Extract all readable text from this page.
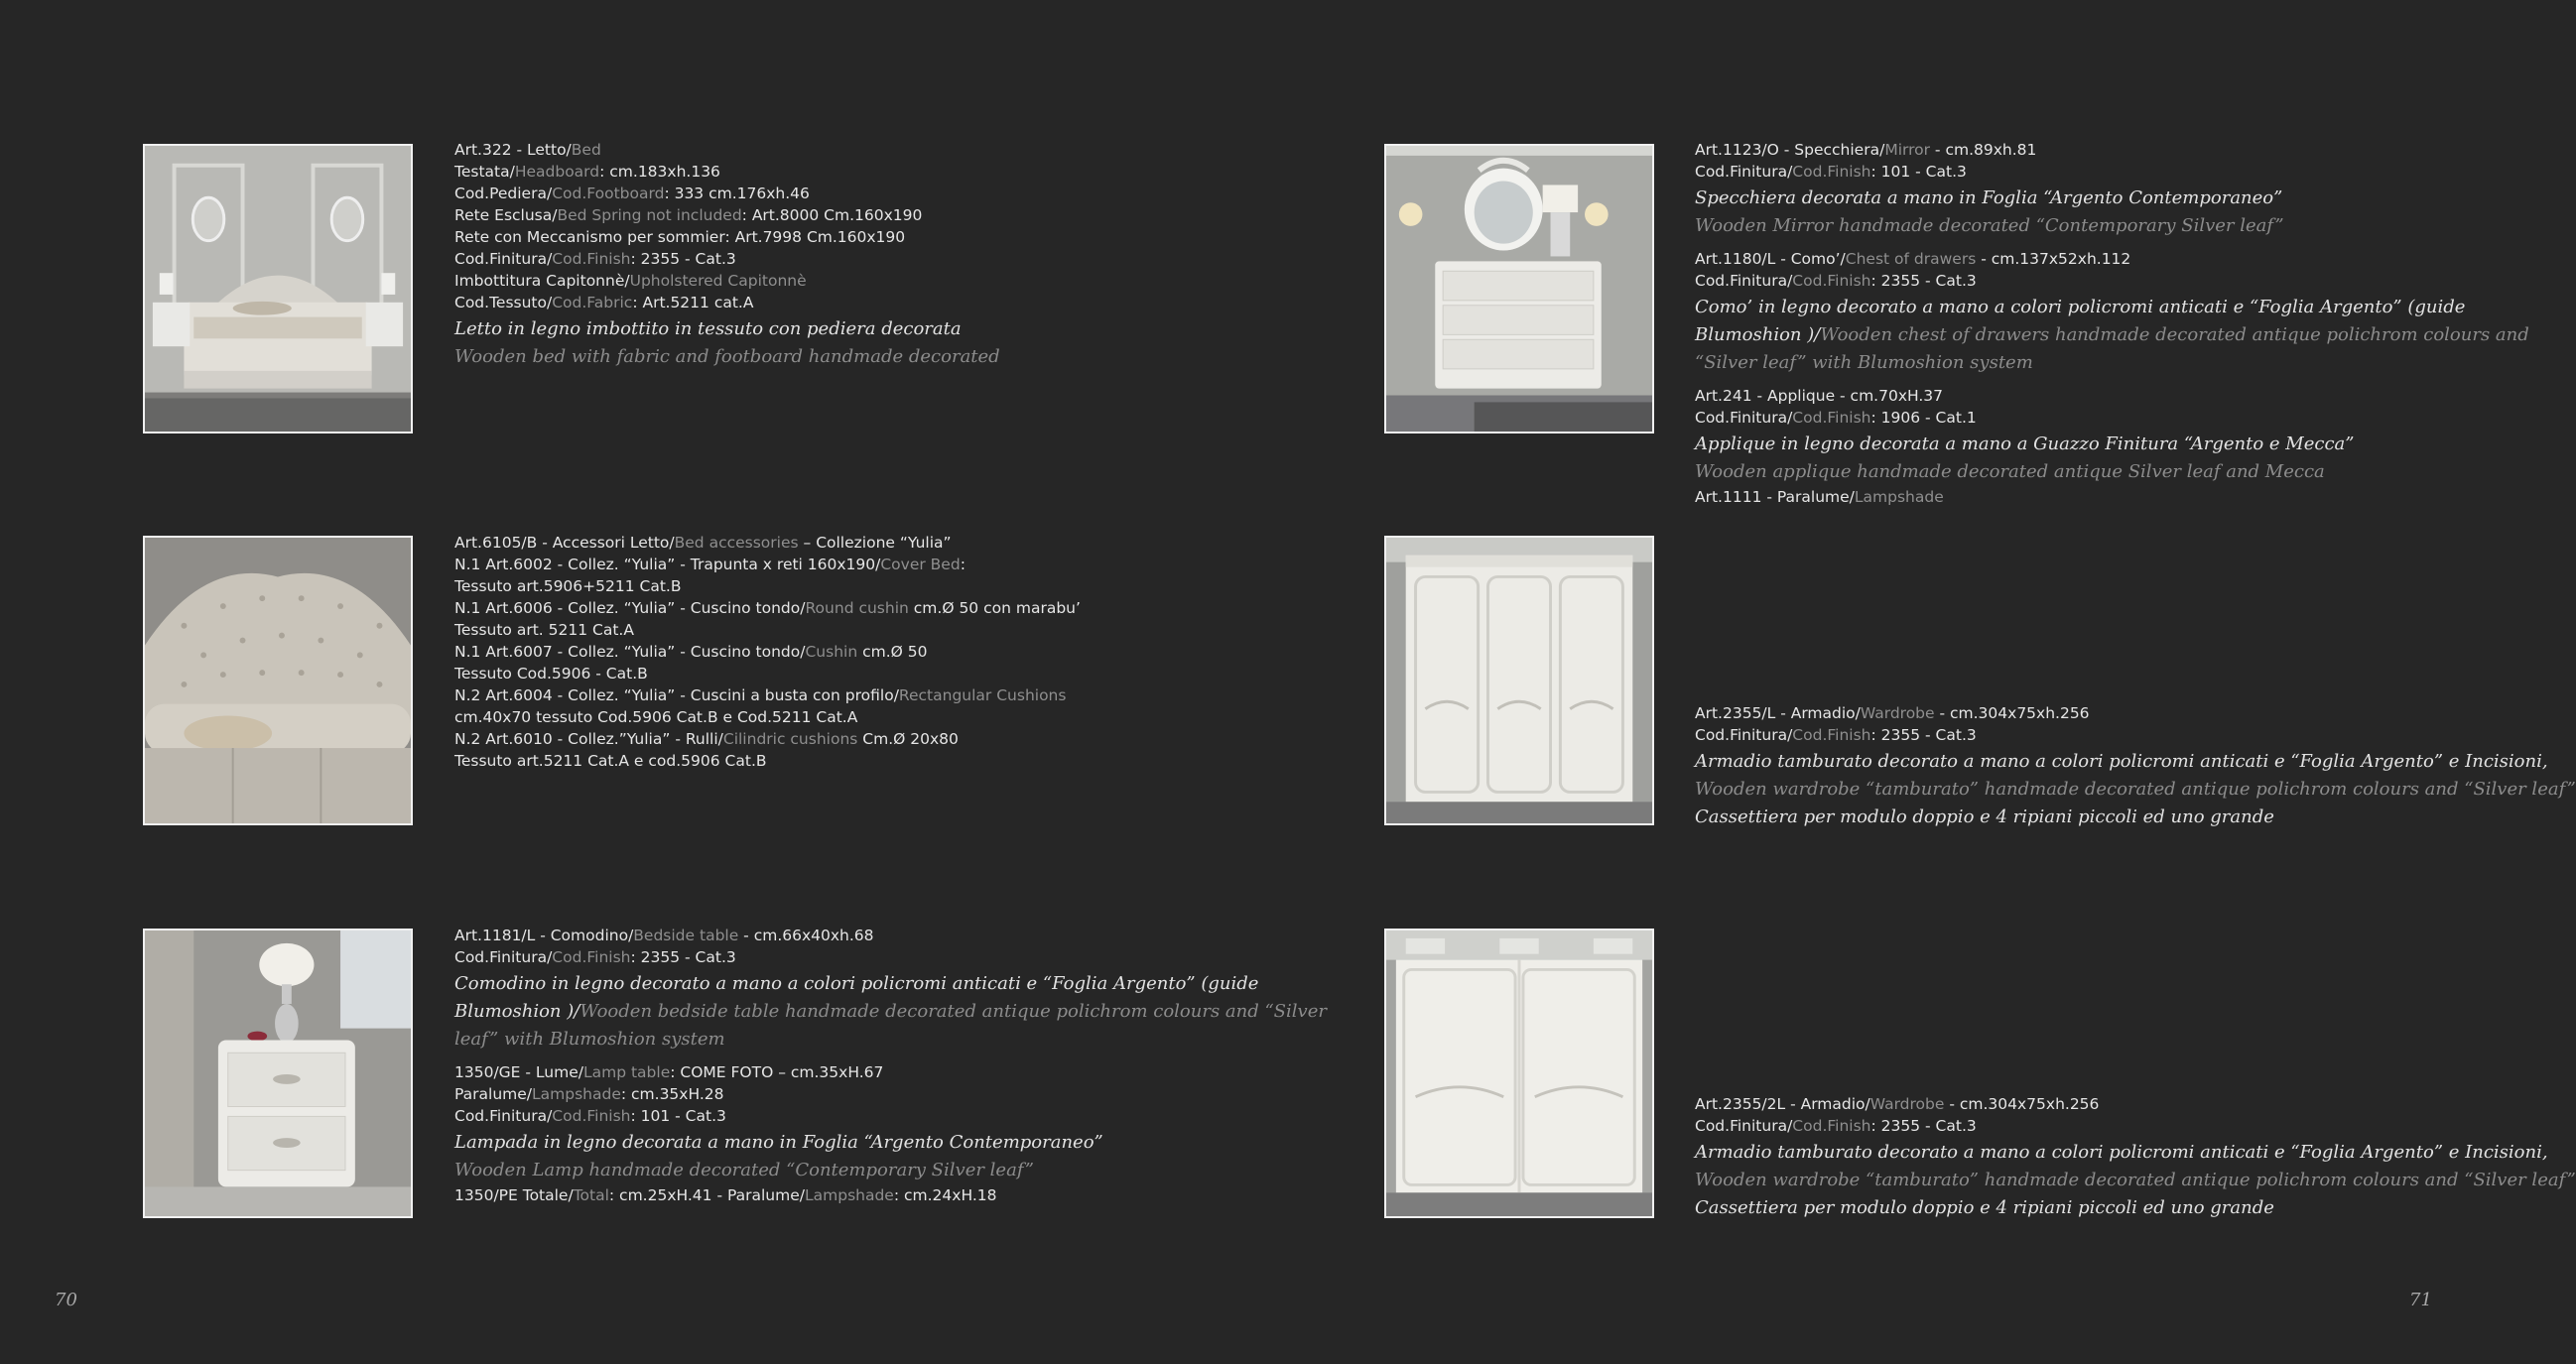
Art.322 - Letto/Bed
Testata/Headboard: cm.183xh.136
Cod.Pediera/Cod.Footboard: 333 cm.176xh.46
Rete Esclusa/Bed Spring not included: Art.8000 Cm.160x190
Rete con Meccanismo per sommier: Art.7998 Cm.160x190
Cod.Finitura/Cod.Finish: 2355 - Cat.3
Imbottitura Capitonnè/Upholstered Capitonnè
Cod.Tessuto/Cod.Fabric: Art.5211 cat.A
Letto in legno imbottito in tessuto con pediera decorata
Wooden bed with fabric and footboard handmade decorated
Art.6105/B - Accessori Letto/Bed accessories – Collezione “Yulia”
N.1 Art.6002 - Collez. “Yulia” - Trapunta x reti 160x190/Cover Bed:
Tessuto art.5906+5211 Cat.B
N.1 Art.6006 - Collez. “Yulia” - Cuscino tondo/Round cushin cm.Ø 50 con marabu’
Tessuto art. 5211 Cat.A
N.1 Art.6007 - Collez. “Yulia” - Cuscino tondo/Cushin cm.Ø 50
Tessuto Cod.5906 - Cat.B
N.2 Art.6004 - Collez. “Yulia” - Cuscini a busta con profilo/Rectangular Cushions
cm.40x70 tessuto Cod.5906 Cat.B e Cod.5211 Cat.A
N.2 Art.6010 - Collez.”Yulia” - Rulli/Cilindric cushions Cm.Ø 20x80
Tessuto art.5211 Cat.A e cod.5906 Cat.B
Art.1181/L - Comodino/Bedside table - cm.66x40xh.68
Cod.Finitura/Cod.Finish: 2355 - Cat.3
Comodino in legno decorato a mano a colori policromi anticati e “Foglia Argento” (guide
Blumoshion )/Wooden bedside table handmade decorated antique polichrom colours and “Silver
leaf” with Blumoshion system
1350/GE - Lume/Lamp table: COME FOTO – cm.35xH.67
Paralume/Lampshade: cm.35xH.28
Cod.Finitura/Cod.Finish: 101 - Cat.3
Lampada in legno decorata a mano in Foglia “Argento Contemporaneo”
Wooden Lamp handmade decorated “Contemporary Silver leaf”
1350/PE Totale/Total: cm.25xH.41 - Paralume/Lampshade: cm.24xH.18
70
Art.1123/O - Specchiera/Mirror - cm.89xh.81
Cod.Finitura/Cod.Finish: 101 - Cat.3
Specchiera decorata a mano in Foglia “Argento Contemporaneo”
Wooden Mirror handmade decorated “Contemporary Silver leaf”
Art.1180/L - Como’/Chest of drawers - cm.137x52xh.112
Cod.Finitura/Cod.Finish: 2355 - Cat.3
Como’ in legno decorato a mano a colori policromi anticati e “Foglia Argento” (guide
Blumoshion )/Wooden chest of drawers handmade decorated antique polichrom colours and
“Silver leaf” with Blumoshion system
Art.241 - Applique - cm.70xH.37
Cod.Finitura/Cod.Finish: 1906 - Cat.1
Applique in legno decorata a mano a Guazzo Finitura “Argento e Mecca”
Wooden applique handmade decorated antique Silver leaf and Mecca
Art.1111 - Paralume/Lampshade
Art.2355/L - Armadio/Wardrobe - cm.304x75xh.256
Cod.Finitura/Cod.Finish: 2355 - Cat.3
Armadio tamburato decorato a mano a colori policromi anticati e “Foglia Argento” e Incisioni,
Wooden wardrobe “tamburato” handmade decorated antique polichrom colours and “Silver leaf”
Cassettiera per modulo doppio e 4 ripiani piccoli ed uno grande
Art.2355/2L - Armadio/Wardrobe - cm.304x75xh.256
Cod.Finitura/Cod.Finish: 2355 - Cat.3
Armadio tamburato decorato a mano a colori policromi anticati e “Foglia Argento” e Incisioni,
Wooden wardrobe “tamburato” handmade decorated antique polichrom colours and “Silver leaf”
Cassettiera per modulo doppio e 4 ripiani piccoli ed uno grande
71
